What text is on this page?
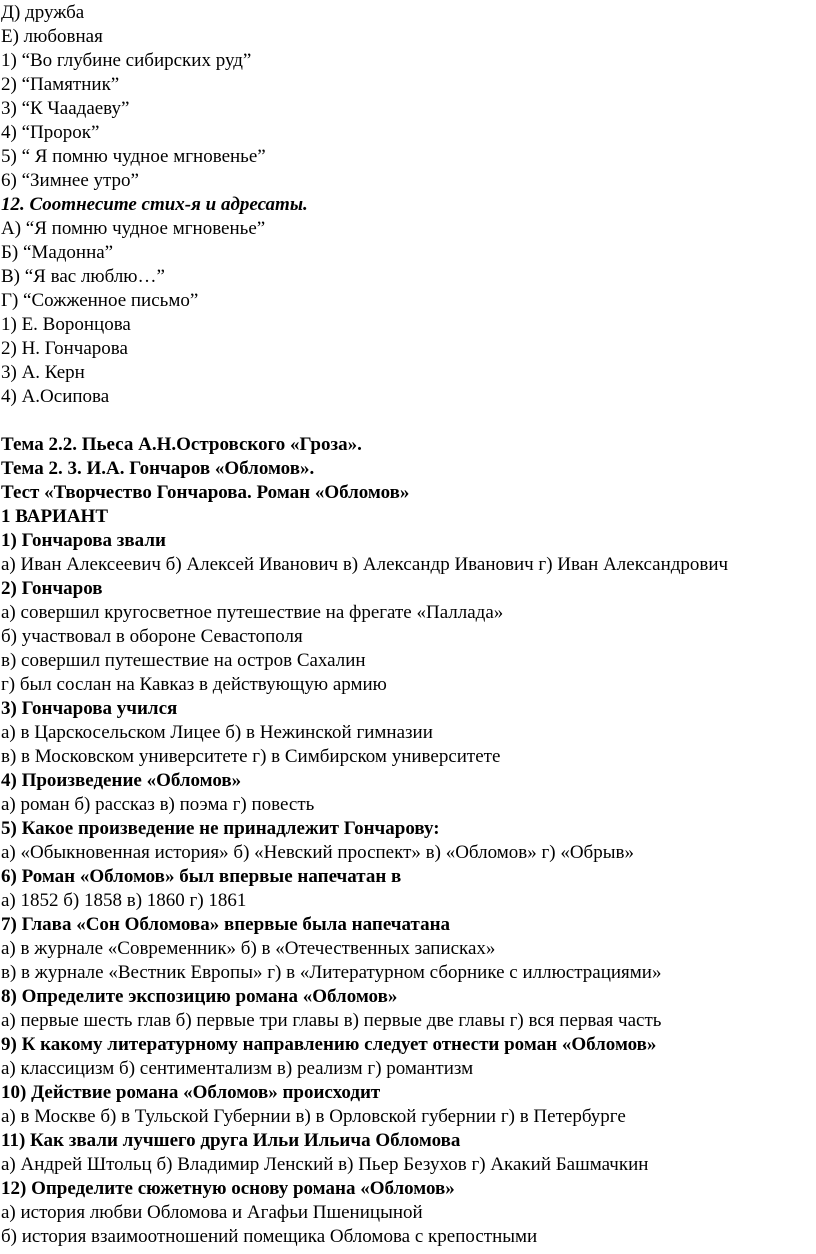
Д) дружба

Е) любовная

1) “Во глубине сибирских руд”

2) “Памятник”

3) “К Чаадаеву”

4) “Пророк”

5) “ Я помню чудное мгновенье”

6) “Зимнее утро”

12. Соотнесите стих-я и адресаты.

А) “Я помню чудное мгновенье”

Б) “Мадонна”

В) “Я вас люблю…”

Г) “Сожженное письмо”

1) Е. Воронцова

2) Н. Гончарова

3) А. Керн

4) А.Осипова

Тема 2.2. Пьеса А.Н.Островского «Гроза».

Тема 2. 3. И.А. Гончаров «Обломов».

Тест «Творчество Гончарова. Роман «Обломов»

1 ВАРИАНТ

1) Гончарова звали

а) Иван Алексеевич б) Алексей Иванович в) Александр Иванович г) Иван Александрович

2) Гончаров

а) совершил кругосветное путешествие на фрегате «Паллада»

б) участвовал в обороне Севастополя

в) совершил путешествие на остров Сахалин

г) был сослан на Кавказ в действующую армию

3) Гончарова учился

а) в Царскосельском Лицее б) в Нежинской гимназии

в) в Московском университете г) в Симбирском университете

4) Произведение «Обломов»

а) роман б) рассказ в) поэма г) повесть

5) Какое произведение не принадлежит Гончарову:

а) «Обыкновенная история» б) «Невский проспект» в) «Обломов» г) «Обрыв»

6) Роман «Обломов» был впервые напечатан в

а) 1852 б) 1858 в) 1860 г) 1861

7) Глава «Сон Обломова» впервые была напечатана

а) в журнале «Современник» б) в «Отечественных записках»

в) в журнале «Вестник Европы» г) в «Литературном сборнике с иллюстрациями»

8) Определите экспозицию романа «Обломов»

а) первые шесть глав б) первые три главы в) первые две главы г) вся первая часть

9) К какому литературному направлению следует отнести роман «Обломов»

а) классицизм б) сентиментализм в) реализм г) романтизм

10) Действие романа «Обломов» происходит

а) в Москве б) в Тульской Губернии в) в Орловской губернии г) в Петербурге

11) Как звали лучшего друга Ильи Ильича Обломова

а) Андрей Штольц б) Владимир Ленский в) Пьер Безухов г) Акакий Башмачкин

12) Определите сюжетную основу романа «Обломов»

а) история любви Обломова и Агафьи Пшеницыной

б) история взаимоотношений помещика Обломова с крепостными
